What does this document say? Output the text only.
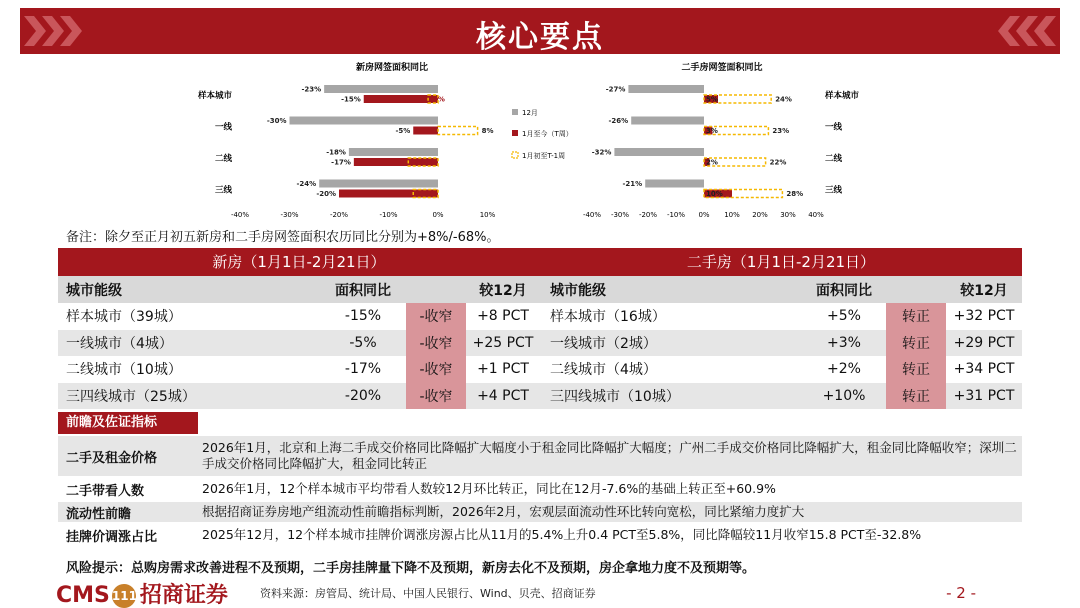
核心要点
新房网签面积同比
样本城市
-23%
-15%	-2%
一线
-30%
-5%	8%
二线
-18%
-17%	-6%
三线
-24%
-20%	-5%
-40%	-30%	-20%	-10%	0%	10%
二手房网签面积同比
样本城市
-27%
5%	24%
一线
-26%
3%	23%
二线
-32%
2%	22%
三线
-21%
10%	28%
-40% -30% -20% -10% 0% 10% 20% 30% 40%
12月
1月至今（T周）
1月初至T-1周
备注：除夕至正月初五新房和二手房网签面积农历同比分别为+8%/-68%。
新房（1月1日-2月21日）	二手房（1月1日-2月21日）
城市能级	面积同比	较12月	城市能级	面积同比	较12月
样本城市（39城）	-15%	-收窄	+8 PCT	样本城市（16城）	+5%	转正	+32 PCT
一线城市（4城）	-5%	-收窄	+25 PCT	一线城市（2城）	+3%	转正	+29 PCT
二线城市（10城）	-17%	-收窄	+1 PCT	二线城市（4城）	+2%	转正	+34 PCT
三四线城市（25城）	-20%	-收窄	+4 PCT	三四线城市（10城）	+10%	转正	+31 PCT
前瞻及佐证指标
二手及租金价格
2026年1月，北京和上海二手成交价格同比降幅扩大幅度小于租金同比降幅扩大幅度；广州二手成交价格同比降幅扩大，租金同比降幅收窄；深圳二手成交价格同比降幅扩大，租金同比转正
二手带看人数	2026年1月，12个样本城市平均带看人数较12月环比转正，同比在12月-7.6%的基础上转正至+60.9%
流动性前瞻	根据招商证券房地产组流动性前瞻指标判断，2026年2月，宏观层面流动性环比转向宽松，同比紧缩力度扩大
挂牌价调涨占比	2025年12月，12个样本城市挂牌价调涨房源占比从11月的5.4%上升0.4 PCT至5.8%，同比降幅较11月收窄15.8 PCT至-32.8%
风险提示：总购房需求改善进程不及预期，二手房挂牌量下降不及预期，新房去化不及预期，房企拿地力度不及预期等。
CMS 111 招商证券	资料来源：房管局、统计局、中国人民银行、Wind、贝壳、招商证券	- 2 -
